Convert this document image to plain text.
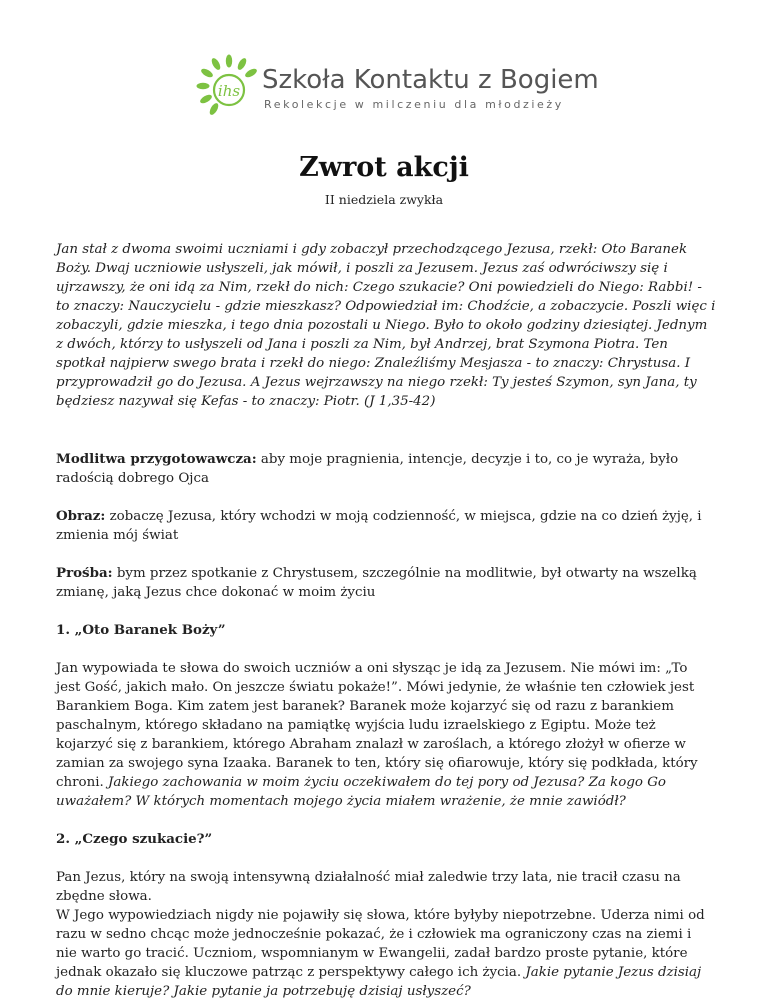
ihs Szkoła Kontaktu z Bogiem
Rekolekcje w milczeniu dla młodzieży
Zwrot akcji
II niedziela zwykła

Jan stał z dwoma swoimi uczniami i gdy zobaczył przechodzącego Jezusa, rzekł: Oto Baranek Boży. Dwaj uczniowie usłyszeli, jak mówił, i poszli za Jezusem. Jezus zaś odwróciwszy się i ujrzawszy, że oni idą za Nim, rzekł do nich: Czego szukacie? Oni powiedzieli do Niego: Rabbi! - to znaczy: Nauczycielu - gdzie mieszkasz? Odpowiedział im: Chodźcie, a zobaczycie. Poszli więc i zobaczyli, gdzie mieszka, i tego dnia pozostali u Niego. Było to około godziny dziesiątej. Jednym z dwóch, którzy to usłyszeli od Jana i poszli za Nim, był Andrzej, brat Szymona Piotra. Ten spotkał najpierw swego brata i rzekł do niego: Znaleźliśmy Mesjasza - to znaczy: Chrystusa. I przyprowadził go do Jezusa. A Jezus wejrzawszy na niego rzekł: Ty jesteś Szymon, syn Jana, ty będziesz nazywał się Kefas - to znaczy: Piotr. (J 1,35-42)

Modlitwa przygotowawcza: aby moje pragnienia, intencje, decyzje i to, co je wyraża, było radością dobrego Ojca

Obraz: zobaczę Jezusa, który wchodzi w moją codzienność, w miejsca, gdzie na co dzień żyję, i zmienia mój świat

Prośba: bym przez spotkanie z Chrystusem, szczególnie na modlitwie, był otwarty na wszelką zmianę, jaką Jezus chce dokonać w moim życiu

1. „Oto Baranek Boży”

Jan wypowiada te słowa do swoich uczniów a oni słysząc je idą za Jezusem. Nie mówi im: „To jest Gość, jakich mało. On jeszcze światu pokaże!”. Mówi jedynie, że właśnie ten człowiek jest Barankiem Boga. Kim zatem jest baranek? Baranek może kojarzyć się od razu z barankiem paschalnym, którego składano na pamiątkę wyjścia ludu izraelskiego z Egiptu. Może też kojarzyć się z barankiem, którego Abraham znalazł w zaroślach, a którego złożył w ofierze w zamian za swojego syna Izaaka. Baranek to ten, który się ofiarowuje, który się podkłada, który chroni. Jakiego zachowania w moim życiu oczekiwałem do tej pory od Jezusa? Za kogo Go uważałem? W których momentach mojego życia miałem wrażenie, że mnie zawiódł?

2. „Czego szukacie?”

Pan Jezus, który na swoją intensywną działalność miał zaledwie trzy lata, nie tracił czasu na zbędne słowa.

W Jego wypowiedziach nigdy nie pojawiły się słowa, które byłyby niepotrzebne. Uderza nimi od razu w sedno chcąc może jednocześnie pokazać, że i człowiek ma ograniczony czas na ziemi i nie warto go tracić. Uczniom, wspomnianym w Ewangelii, zadał bardzo proste pytanie, które jednak okazało się kluczowe patrząc z perspektywy całego ich życia. Jakie pytanie Jezus dzisiaj do mnie kieruje? Jakie pytanie ja potrzebuję dzisiaj usłyszeć?
